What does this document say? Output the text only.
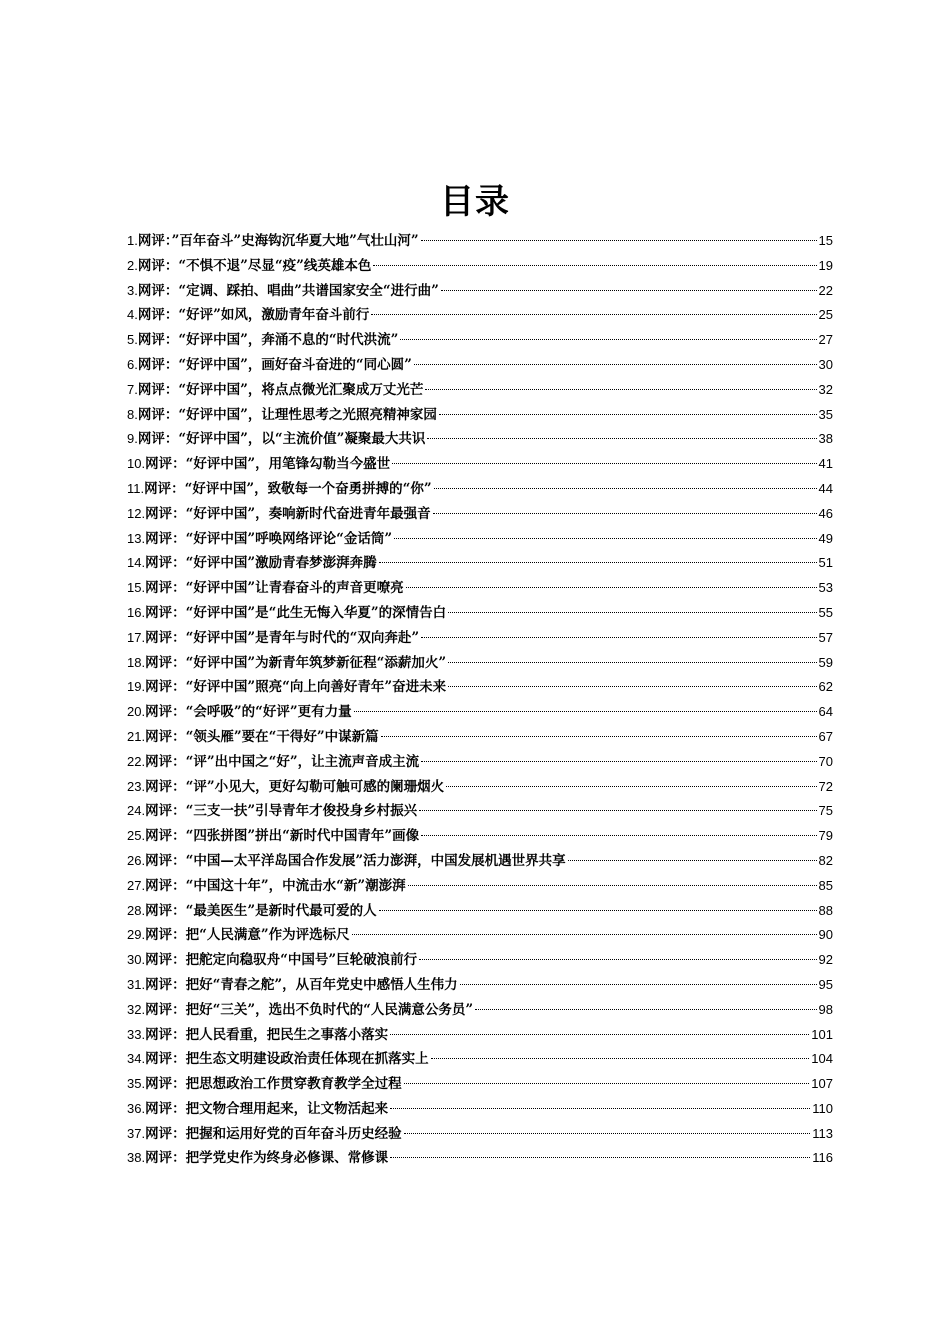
目录
1. 网评：”百年奋斗”史海钩沉华夏大地”气壮山河”	15
2. 网评：“不惧不退”尽显“疫”线英雄本色	19
3. 网评：“定调、踩拍、唱曲”共谱国家安全“进行曲”	22
4. 网评：“好评”如风，激励青年奋斗前行	25
5. 网评：“好评中国”，奔涌不息的“时代洪流”	27
6. 网评：“好评中国”，画好奋斗奋进的“同心圆”	30
7. 网评：“好评中国”，将点点微光汇聚成万丈光芒	32
8. 网评：“好评中国”，让理性思考之光照亮精神家园	35
9. 网评：“好评中国”，以“主流价值”凝聚最大共识	38
10. 网评：“好评中国”，用笔锋勾勒当今盛世	41
11. 网评：“好评中国”，致敬每一个奋勇拼搏的“你”	44
12. 网评：“好评中国”，奏响新时代奋进青年最强音	46
13. 网评：“好评中国”呼唤网络评论“金话筒”	49
14. 网评：“好评中国”激励青春梦澎湃奔腾	51
15. 网评：“好评中国”让青春奋斗的声音更嘹亮	53
16. 网评：“好评中国”是“此生无悔入华夏”的深情告白	55
17. 网评：“好评中国”是青年与时代的“双向奔赴”	57
18. 网评：“好评中国”为新青年筑梦新征程“添薪加火”	59
19. 网评：“好评中国”照亮“向上向善好青年”奋进未来	62
20. 网评：“会呼吸”的“好评”更有力量	64
21. 网评：“领头雁”要在“干得好”中谋新篇	67
22. 网评：“评”出中国之“好”，让主流声音成主流	70
23. 网评：“评”小见大，更好勾勒可触可感的阑珊烟火	72
24. 网评：“三支一扶”引导青年才俊投身乡村振兴	75
25. 网评：“四张拼图”拼出“新时代中国青年”画像	79
26. 网评：“中国—太平洋岛国合作发展”活力澎湃，中国发展机遇世界共享	82
27. 网评：“中国这十年”，中流击水“新”潮澎湃	85
28. 网评：“最美医生”是新时代最可爱的人	88
29. 网评：把“人民满意”作为评选标尺	90
30. 网评：把舵定向稳驭舟“中国号”巨轮破浪前行	92
31. 网评：把好“青春之舵”，从百年党史中感悟人生伟力	95
32. 网评：把好“三关”，选出不负时代的“人民满意公务员”	98
33. 网评：把人民看重，把民生之事落小落实	101
34. 网评：把生态文明建设政治责任体现在抓落实上	104
35. 网评：把思想政治工作贯穿教育教学全过程	107
36. 网评：把文物合理用起来，让文物活起来	110
37. 网评：把握和运用好党的百年奋斗历史经验	113
38. 网评：把学党史作为终身必修课、常修课	116
